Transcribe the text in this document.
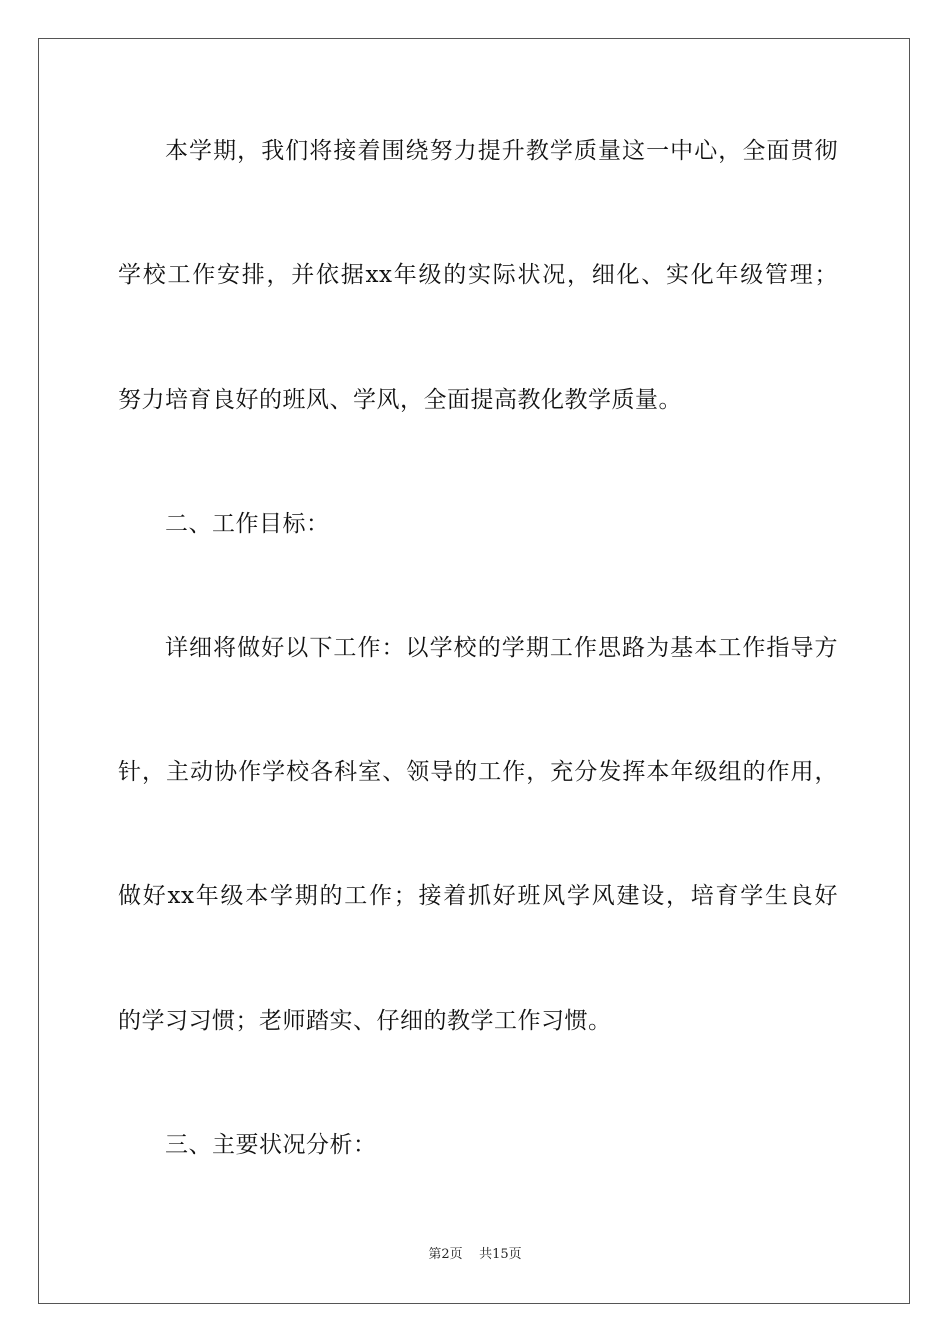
本学期，我们将接着围绕努力提升教学质量这一中心，全面贯彻
学校工作安排，并依据xx年级的实际状况，细化、实化年级管理；
努力培育良好的班风、学风，全面提高教化教学质量。
二、工作目标：
详细将做好以下工作：以学校的学期工作思路为基本工作指导方
针，主动协作学校各科室、领导的工作，充分发挥本年级组的作用，
做好xx年级本学期的工作；接着抓好班风学风建设，培育学生良好
的学习习惯；老师踏实、仔细的教学工作习惯。
三、主要状况分析：
第2页    共15页
